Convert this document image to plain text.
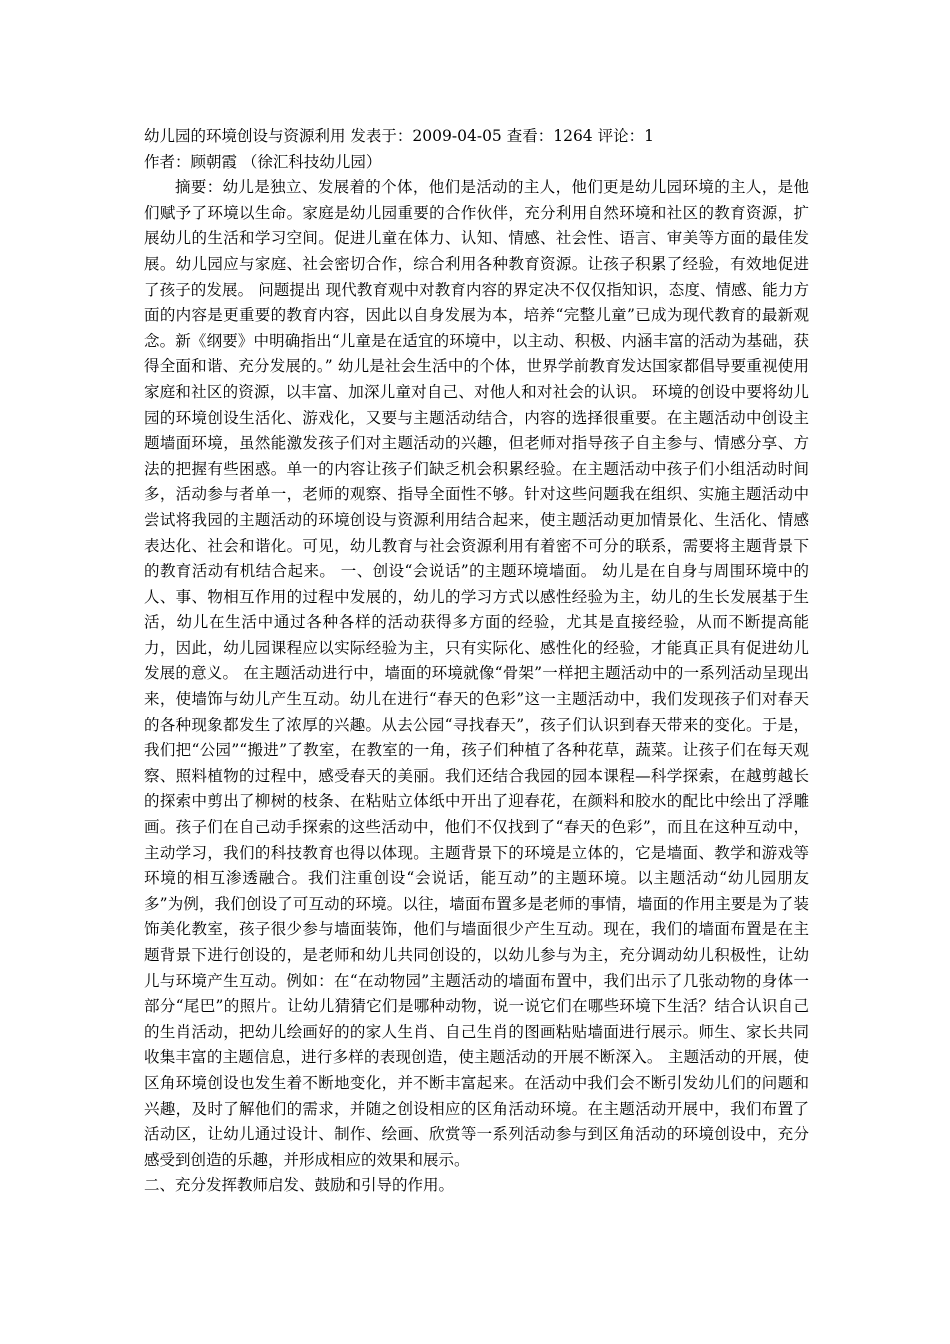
幼儿园的环境创设与资源利用 发表于：2009-04-05 查看：1264 评论：1
作者：顾朝霞 （徐汇科技幼儿园）

摘要：幼儿是独立、发展着的个体，他们是活动的主人，他们更是幼儿园环境的主人，是他们赋予了环境以生命。家庭是幼儿园重要的合作伙伴，充分利用自然环境和社区的教育资源，扩展幼儿的生活和学习空间。促进儿童在体力、认知、情感、社会性、语言、审美等方面的最佳发展。幼儿园应与家庭、社会密切合作，综合利用各种教育资源。让孩子积累了经验，有效地促进了孩子的发展。 问题提出 现代教育观中对教育内容的界定决不仅仅指知识，态度、情感、能力方面的内容是更重要的教育内容，因此以自身发展为本，培养“完整儿童”已成为现代教育的最新观念。新《纲要》中明确指出“儿童是在适宜的环境中，以主动、积极、内涵丰富的活动为基础，获得全面和谐、充分发展的。” 幼儿是社会生活中的个体，世界学前教育发达国家都倡导要重视使用家庭和社区的资源，以丰富、加深儿童对自己、对他人和对社会的认识。 环境的创设中要将幼儿园的环境创设生活化、游戏化，又要与主题活动结合，内容的选择很重要。在主题活动中创设主题墙面环境，虽然能激发孩子们对主题活动的兴趣，但老师对指导孩子自主参与、情感分享、方法的把握有些困惑。单一的内容让孩子们缺乏机会积累经验。在主题活动中孩子们小组活动时间多，活动参与者单一，老师的观察、指导全面性不够。针对这些问题我在组织、实施主题活动中尝试将我园的主题活动的环境创设与资源利用结合起来，使主题活动更加情景化、生活化、情感表达化、社会和谐化。可见，幼儿教育与社会资源利用有着密不可分的联系，需要将主题背景下的教育活动有机结合起来。 一、创设“会说话”的主题环境墙面。 幼儿是在自身与周围环境中的人、事、物相互作用的过程中发展的，幼儿的学习方式以感性经验为主，幼儿的生长发展基于生活，幼儿在生活中通过各种各样的活动获得多方面的经验，尤其是直接经验，从而不断提高能力，因此，幼儿园课程应以实际经验为主，只有实际化、感性化的经验，才能真正具有促进幼儿发展的意义。 在主题活动进行中，墙面的环境就像“骨架”一样把主题活动中的一系列活动呈现出来，使墙饰与幼儿产生互动。幼儿在进行“春天的色彩”这一主题活动中，我们发现孩子们对春天的各种现象都发生了浓厚的兴趣。从去公园“寻找春天”，孩子们认识到春天带来的变化。于是，我们把“公园”“搬进”了教室，在教室的一角，孩子们种植了各种花草，蔬菜。让孩子们在每天观察、照料植物的过程中，感受春天的美丽。我们还结合我园的园本课程—科学探索，在越剪越长的探索中剪出了柳树的枝条、在粘贴立体纸中开出了迎春花，在颜料和胶水的配比中绘出了浮雕画。孩子们在自己动手探索的这些活动中，他们不仅找到了“春天的色彩”，而且在这种互动中，主动学习，我们的科技教育也得以体现。主题背景下的环境是立体的，它是墙面、教学和游戏等环境的相互渗透融合。我们注重创设“会说话，能互动”的主题环境。以主题活动“幼儿园朋友多”为例，我们创设了可互动的环境。以往，墙面布置多是老师的事情，墙面的作用主要是为了装饰美化教室，孩子很少参与墙面装饰，他们与墙面很少产生互动。现在，我们的墙面布置是在主题背景下进行创设的，是老师和幼儿共同创设的，以幼儿参与为主，充分调动幼儿积极性，让幼儿与环境产生互动。例如：在“在动物园”主题活动的墙面布置中，我们出示了几张动物的身体一部分“尾巴”的照片。让幼儿猜猜它们是哪种动物，说一说它们在哪些环境下生活？结合认识自己的生肖活动，把幼儿绘画好的的家人生肖、自己生肖的图画粘贴墙面进行展示。师生、家长共同收集丰富的主题信息，进行多样的表现创造，使主题活动的开展不断深入。 主题活动的开展，使区角环境创设也发生着不断地变化，并不断丰富起来。在活动中我们会不断引发幼儿们的问题和兴趣，及时了解他们的需求，并随之创设相应的区角活动环境。在主题活动开展中，我们布置了活动区，让幼儿通过设计、制作、绘画、欣赏等一系列活动参与到区角活动的环境创设中，充分感受到创造的乐趣，并形成相应的效果和展示。

二、充分发挥教师启发、鼓励和引导的作用。
